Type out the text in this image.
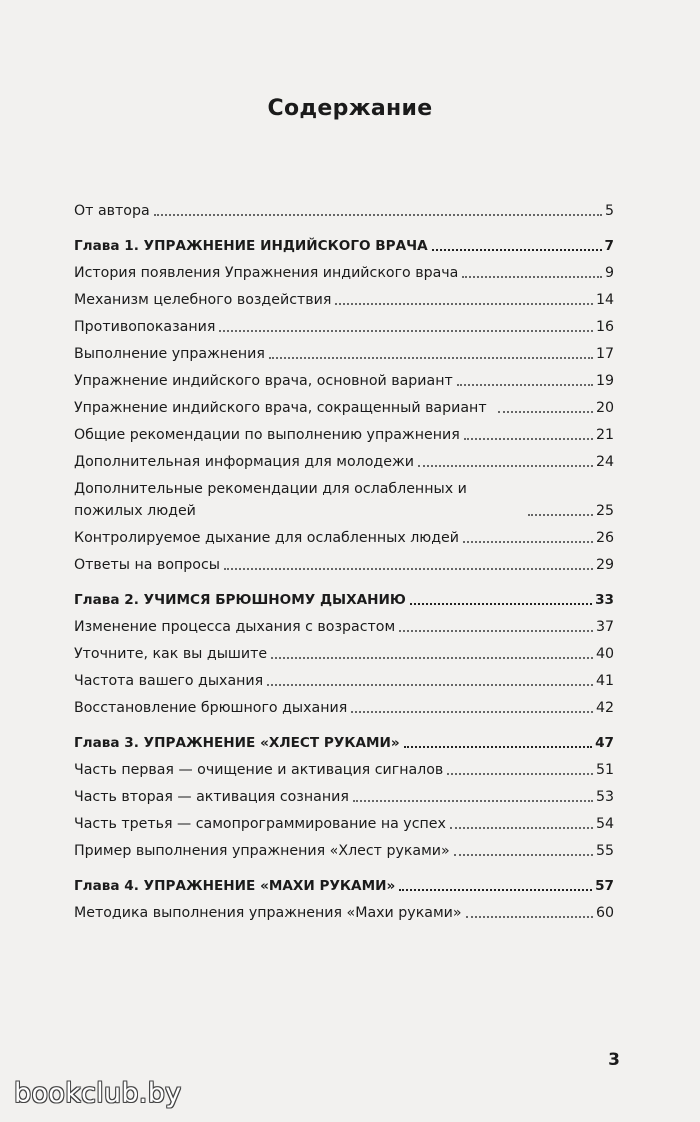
Содержание
От автора	5
Глава 1. УПРАЖНЕНИЕ ИНДИЙСКОГО ВРАЧА	7
История появления Упражнения индийского врача	9
Механизм целебного воздействия	14
Противопоказания	16
Выполнение упражнения	17
Упражнение индийского врача, основной вариант	19
Упражнение индийского врача, сокращенный вариант	20
Общие рекомендации по выполнению упражнения	21
Дополнительная информация для молодежи	24
Дополнительные рекомендации для ослабленных и пожилых людей	25
Контролируемое дыхание для ослабленных людей	26
Ответы на вопросы	29
Глава 2. УЧИМСЯ БРЮШНОМУ ДЫХАНИЮ	33
Изменение процесса дыхания с возрастом	37
Уточните, как вы дышите	40
Частота вашего дыхания	41
Восстановление брюшного дыхания	42
Глава 3. УПРАЖНЕНИЕ «ХЛЕСТ РУКАМИ»	47
Часть первая — очищение и активация сигналов	51
Часть вторая — активация сознания	53
Часть третья — самопрограммирование на успех	54
Пример выполнения упражнения «Хлест руками»	55
Глава 4. УПРАЖНЕНИЕ «МАХИ РУКАМИ»	57
Методика выполнения упражнения «Махи руками»	60
3
bookclub.by
